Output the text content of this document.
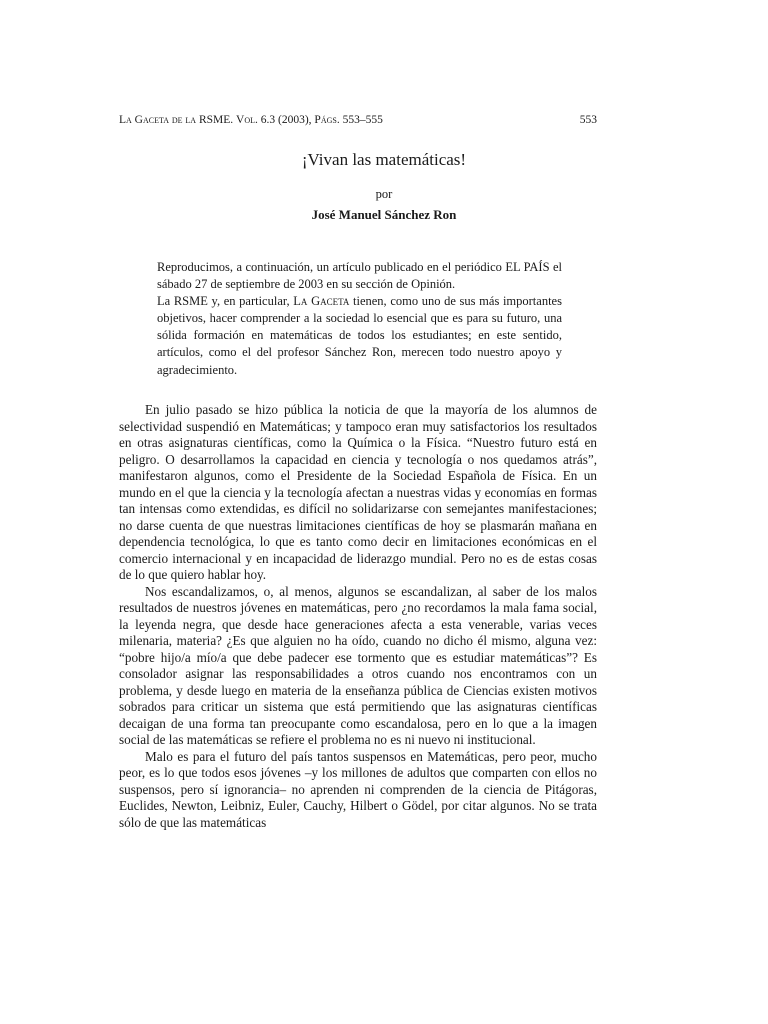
La Gaceta de la RSME. Vol. 6.3 (2003), Págs. 553–555	553
¡Vivan las matemáticas!
por
José Manuel Sánchez Ron

Reproducimos, a continuación, un artículo publicado en el periódico EL PAÍS el sábado 27 de septiembre de 2003 en su sección de Opinión.

La RSME y, en particular, La Gaceta tienen, como uno de sus más importantes objetivos, hacer comprender a la sociedad lo esencial que es para su futuro, una sólida formación en matemáticas de todos los estudiantes; en este sentido, artículos, como el del profesor Sánchez Ron, merecen todo nuestro apoyo y agradecimiento.

En julio pasado se hizo pública la noticia de que la mayoría de los alumnos de selectividad suspendió en Matemáticas; y tampoco eran muy satisfactorios los resultados en otras asignaturas científicas, como la Química o la Física. “Nuestro futuro está en peligro. O desarrollamos la capacidad en ciencia y tecnología o nos quedamos atrás”, manifestaron algunos, como el Presidente de la Sociedad Española de Física. En un mundo en el que la ciencia y la tecnología afectan a nuestras vidas y economías en formas tan intensas como extendidas, es difícil no solidarizarse con semejantes manifestaciones; no darse cuenta de que nuestras limitaciones científicas de hoy se plasmarán mañana en dependencia tecnológica, lo que es tanto como decir en limitaciones económicas en el comercio internacional y en incapacidad de liderazgo mundial. Pero no es de estas cosas de lo que quiero hablar hoy.

Nos escandalizamos, o, al menos, algunos se escandalizan, al saber de los malos resultados de nuestros jóvenes en matemáticas, pero ¿no recordamos la mala fama social, la leyenda negra, que desde hace generaciones afecta a esta venerable, varias veces milenaria, materia? ¿Es que alguien no ha oído, cuando no dicho él mismo, alguna vez: “pobre hijo/a mío/a que debe padecer ese tormento que es estudiar matemáticas”? Es consolador asignar las responsabilidades a otros cuando nos encontramos con un problema, y desde luego en materia de la enseñanza pública de Ciencias existen motivos sobrados para criticar un sistema que está permitiendo que las asignaturas científicas decaigan de una forma tan preocupante como escandalosa, pero en lo que a la imagen social de las matemáticas se refiere el problema no es ni nuevo ni institucional.

Malo es para el futuro del país tantos suspensos en Matemáticas, pero peor, mucho peor, es lo que todos esos jóvenes –y los millones de adultos que comparten con ellos no suspensos, pero sí ignorancia– no aprenden ni comprenden de la ciencia de Pitágoras, Euclides, Newton, Leibniz, Euler, Cauchy, Hilbert o Gödel, por citar algunos. No se trata sólo de que las matemáticas
